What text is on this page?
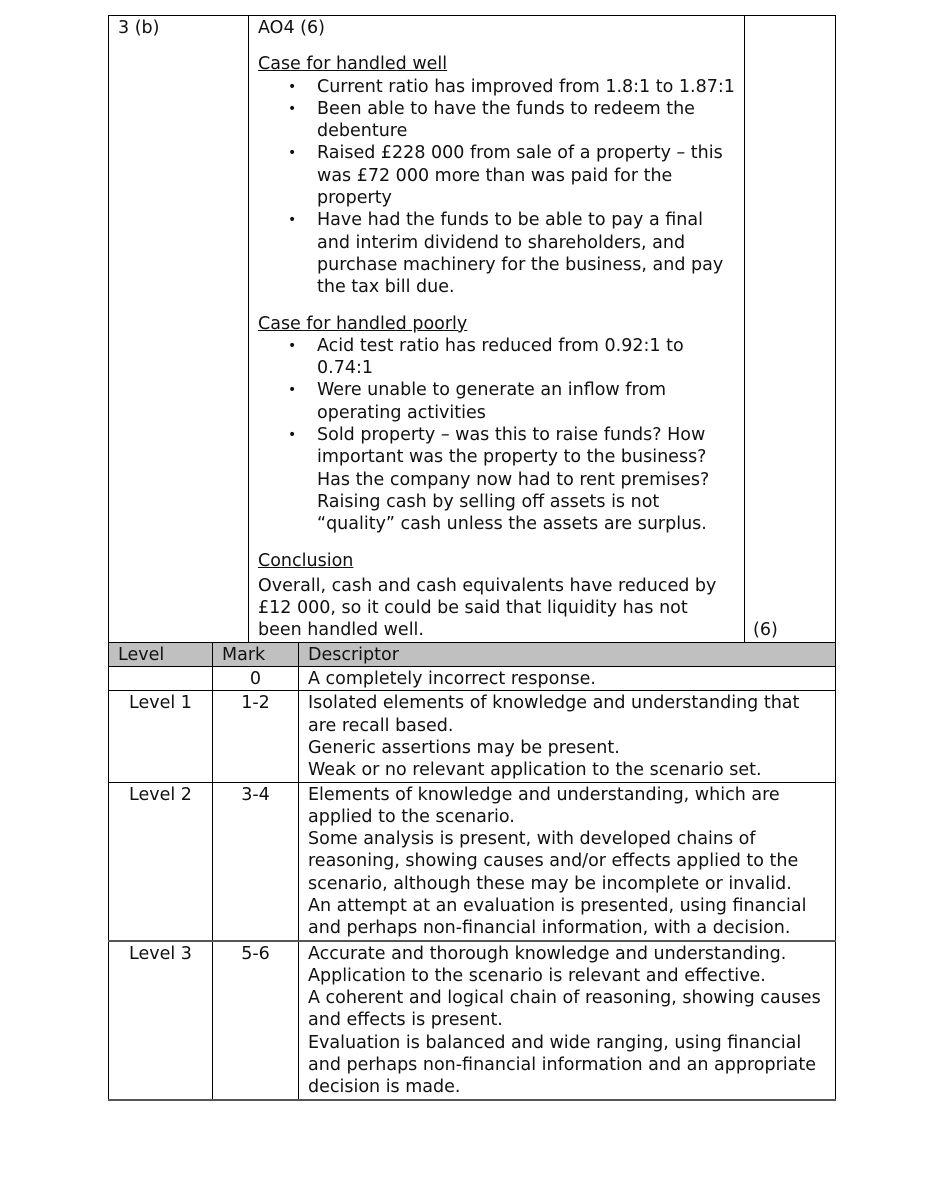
3 (b)	AO4 (6)
Case for handled well
• Current ratio has improved from 1.8:1 to 1.87:1
• Been able to have the funds to redeem the debenture
• Raised £228 000 from sale of a property – this was £72 000 more than was paid for the property
• Have had the funds to be able to pay a final and interim dividend to shareholders, and purchase machinery for the business, and pay the tax bill due.
Case for handled poorly
• Acid test ratio has reduced from 0.92:1 to 0.74:1
• Were unable to generate an inflow from operating activities
• Sold property – was this to raise funds? How important was the property to the business? Has the company now had to rent premises? Raising cash by selling off assets is not “quality” cash unless the assets are surplus.
Conclusion
Overall, cash and cash equivalents have reduced by £12 000, so it could be said that liquidity has not been handled well.	(6)
Level	Mark	Descriptor
	0	A completely incorrect response.

Level 1	1-2	Isolated elements of knowledge and understanding that are recall based.
Generic assertions may be present.
Weak or no relevant application to the scenario set.

Level 2	3-4	Elements of knowledge and understanding, which are applied to the scenario.
Some analysis is present, with developed chains of reasoning, showing causes and/or effects applied to the scenario, although these may be incomplete or invalid.
An attempt at an evaluation is presented, using financial and perhaps non-financial information, with a decision.

Level 3	5-6	Accurate and thorough knowledge and understanding.
Application to the scenario is relevant and effective.
A coherent and logical chain of reasoning, showing causes and effects is present.
Evaluation is balanced and wide ranging, using financial and perhaps non-financial information and an appropriate decision is made.
